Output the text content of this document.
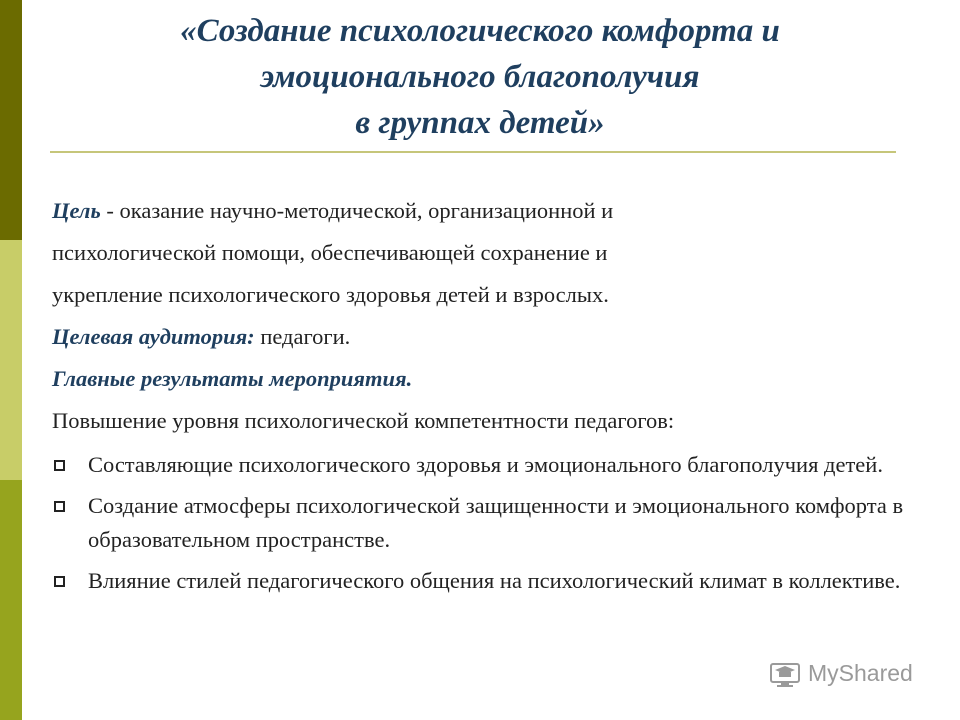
«Создание психологического комфорта и
эмоционального благополучия
в группах детей»
Цель - оказание научно-методической, организационной и
психологической помощи, обеспечивающей сохранение и
укрепление психологического здоровья детей и взрослых.
Целевая аудитория: педагоги.
Главные результаты мероприятия.
Повышение уровня психологической компетентности педагогов:
Составляющие психологического здоровья и эмоционального благополучия детей.
Создание атмосферы психологической защищенности и эмоционального комфорта в образовательном пространстве.
Влияние стилей педагогического общения на психологический климат в коллективе.
MyShared
